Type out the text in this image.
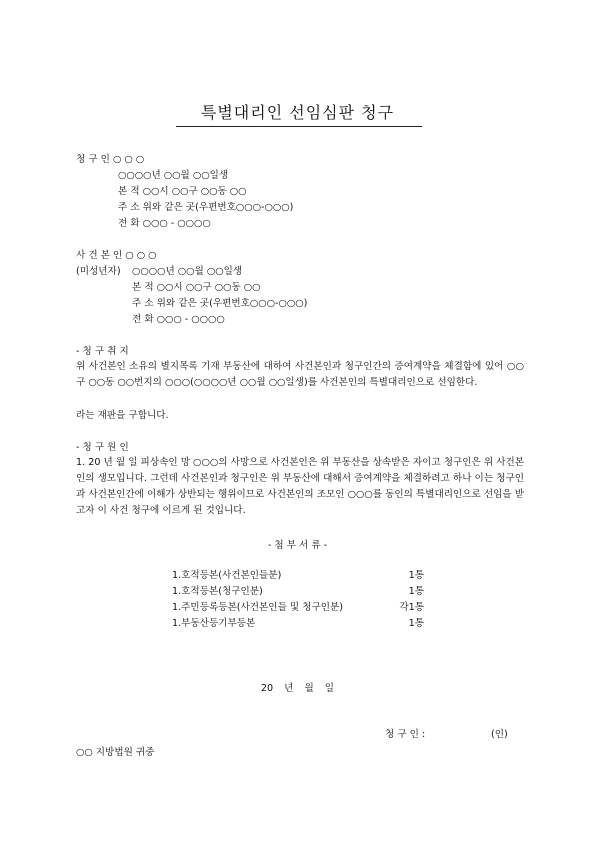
특별대리인 선임심판 청구
청 구 인 ○ ○ ○
○○○○년 ○○월 ○○일생
본 적 ○○시 ○○구 ○○동 ○○
주 소 위와 같은 곳(우편번호○○○-○○○)
전 화 ○○○ - ○○○○
사 건 본 인 ○ ○ ○
(미성년자) ○○○○년 ○○월 ○○일생
본 적 ○○시 ○○구 ○○동 ○○
주 소 위와 같은 곳(우편번호○○○-○○○)
전 화 ○○○ - ○○○○
- 청 구 취 지
위 사건본인 소유의 별지목록 기재 부동산에 대하여 사건본인과 청구인간의 증여계약을 체결함에 있어 ○○구 ○○동 ○○번지의 ○○○(○○○○년 ○○월 ○○일생)를 사건본인의 특별대리인으로 선임한다.
라는 재판을 구합니다.
- 청 구 원 인
1. 20 년 월 일 피상속인 망 ○○○의 사망으로 사건본인은 위 부동산을 상속받은 자이고 청구인은 위 사건본인의 생모입니다. 그런데 사건본인과 청구인은 위 부동산에 대해서 증여계약을 체결하려고 하나 이는 청구인과 사건본인간에 이해가 상반되는 행위이므로 사건본인의 조모인 ○○○를 동인의 특별대리인으로 선임을 받고자 이 사건 청구에 이르게 된 것입니다.
- 첨 부 서 류 -
1.호적등본(사건본인들분)	1통
1.호적등본(청구인분)	1통
1.주민등록등본(사건본인들 및 청구인분)	각1통
1.부동산등기부등본	1통
20 년 월 일
청 구 인 :	(인)
○○ 지방법원 귀중
